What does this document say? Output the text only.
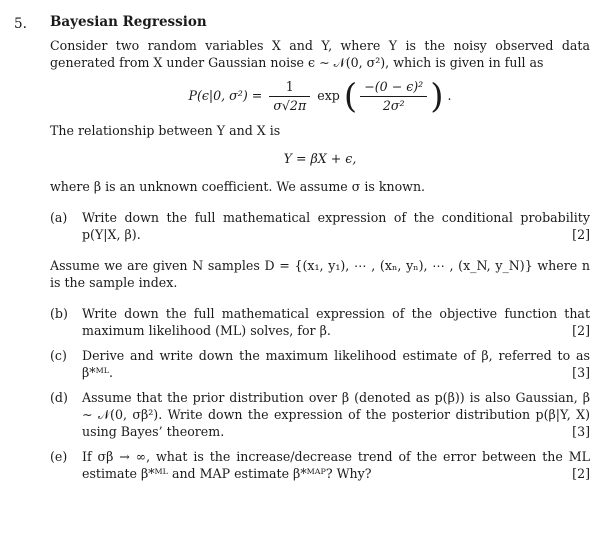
5. Bayesian Regression

Consider two random variables X and Y, where Y is the noisy observed data generated from X under Gaussian noise ϵ ∼ 𝒩(0, σ²), which is given in full as

P(ϵ|0, $\sigma^2) = \frac{1}{\sigma√2\pi}$ exp ( $\frac{\text{−(0 − ϵ)²}}{\text{2σ²}}$ ) .

The relationship between Y and X is

Y = βX + ϵ,

where β is an unknown coefficient. We assume σ is known.

(a) Write down the full mathematical expression of the conditional probability p(Y|X, β).	[2]

Assume we are given N samples D = {(x₁, y₁), ⋯ , (xₙ, yₙ), ⋯ , (x_N, y_N)} where n is the sample index.

(b) Write down the full mathematical expression of the objective function that maximum likelihood (ML) solves, for β.	[2]
(c) Derive and write down the maximum likelihood estimate of β, referred to as β*ᴹᴸ.	[3]
(d) Assume that the prior distribution over β (denoted as p(β)) is also Gaussian, β ∼ 𝒩(0, σβ²). Write down the expression of the posterior distribution p(β|Y, X) using Bayes’ theorem.	[3]
(e) If σβ → ∞, what is the increase/decrease trend of the error between the ML estimate β*ᴹᴸ and MAP estimate β*ᴹᴬᴾ? Why?	[2]
